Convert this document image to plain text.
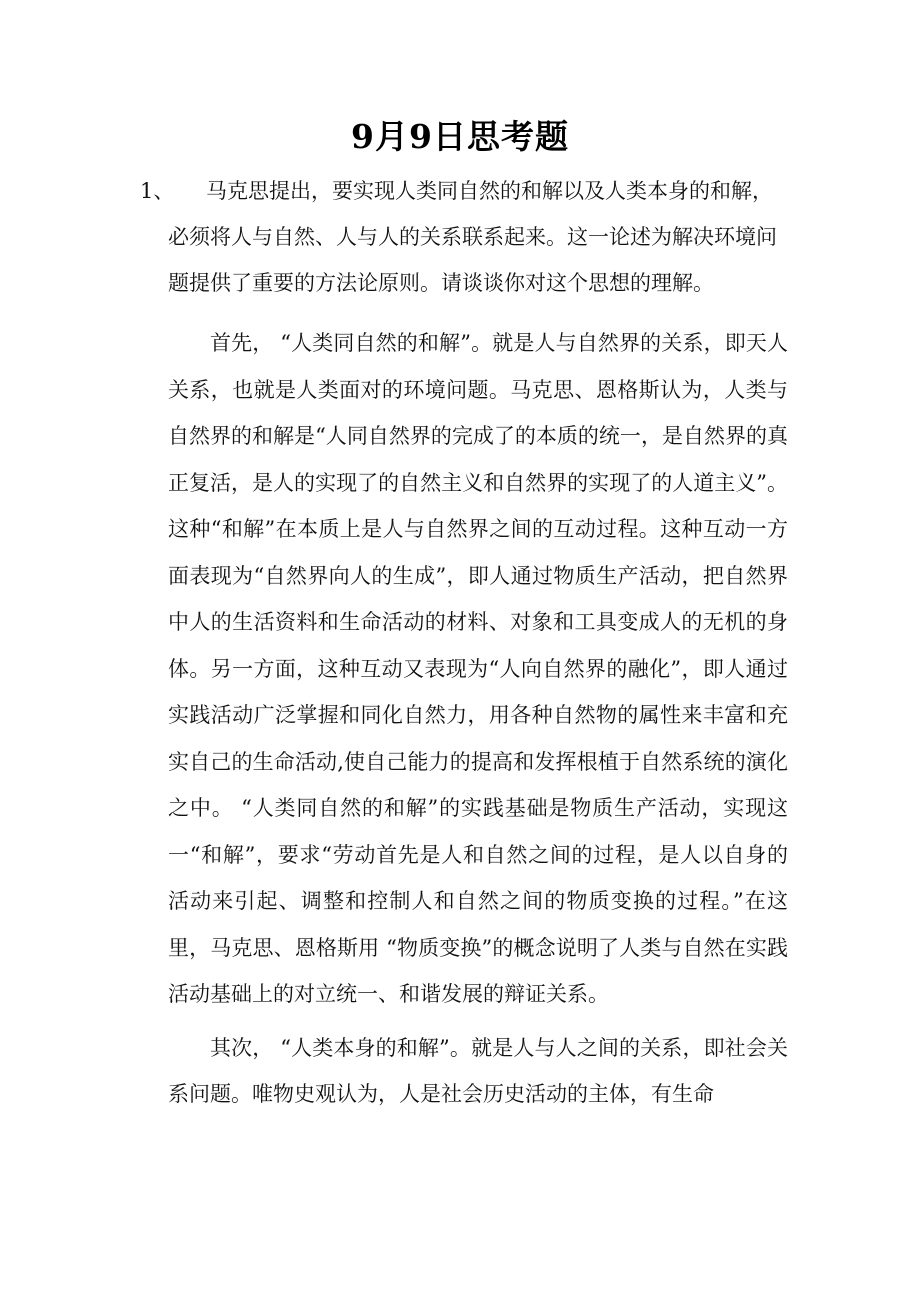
9月9日思考题
1、	马克思提出，要实现人类同自然的和解以及人类本身的和解，必须将人与自然、人与人的关系联系起来。这一论述为解决环境问题提供了重要的方法论原则。请谈谈你对这个思想的理解。

首先， “人类同自然的和解”。就是人与自然界的关系，即天人关系，也就是人类面对的环境问题。马克思、恩格斯认为，人类与自然界的和解是“人同自然界的完成了的本质的统一，是自然界的真正复活，是人的实现了的自然主义和自然界的实现了的人道主义”。这种“和解”在本质上是人与自然界之间的互动过程。这种互动一方面表现为“自然界向人的生成”，即人通过物质生产活动，把自然界中人的生活资料和生命活动的材料、对象和工具变成人的无机的身体。另一方面，这种互动又表现为“人向自然界的融化”，即人通过实践活动广泛掌握和同化自然力，用各种自然物的属性来丰富和充实自己的生命活动,使自己能力的提高和发挥根植于自然系统的演化之中。 “人类同自然的和解”的实践基础是物质生产活动，实现这一“和解”，要求“劳动首先是人和自然之间的过程，是人以自身的活动来引起、调整和控制人和自然之间的物质变换的过程。”在这里，马克思、恩格斯用 “物质变换”的概念说明了人类与自然在实践活动基础上的对立统一、和谐发展的辩证关系。

其次， “人类本身的和解”。就是人与人之间的关系，即社会关系问题。唯物史观认为，人是社会历史活动的主体，有生命
